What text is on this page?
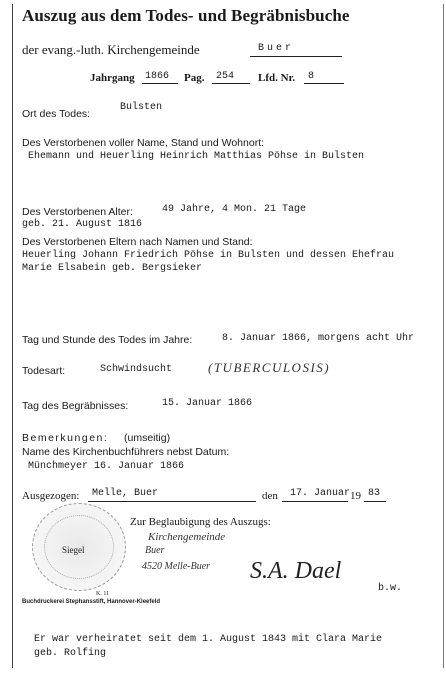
Auszug aus dem Todes- und Begräbnisbuche
der evang.-luth. Kirchengemeinde	Buer
Jahrgang 1866 Pag. 254 Lfd. Nr. 8
Ort des Todes:
Bulsten
Des Verstorbenen voller Name, Stand und Wohnort:
Ehemann und Heuerling Heinrich Matthias Pöhse in Bulsten
Des Verstorbenen Alter:	49 Jahre, 4 Mon. 21 Tage
geb. 21. August 1816
Des Verstorbenen Eltern nach Namen und Stand:
Heuerling Johann Friedrich Pöhse in Bulsten und dessen Ehefrau
Marie Elsabein geb. Bergsieker
Tag und Stunde des Todes im Jahre:	8. Januar 1866, morgens acht Uhr
Todesart:	Schwindsucht	(TUBERCULOSIS)
Tag des Begräbnisses:	15. Januar 1866
Bemerkungen: (umseitig)
Name des Kirchenbuchführers nebst Datum:
Münchmeyer 16. Januar 1866
Ausgezogen: Melle, Buer	den 17. Januar 19 83
Siegel
Zur Beglaubigung des Auszugs:
Kirchengemeinde
Buer
4520 Melle-Buer S.A. Dael
K. 11
Buchdruckerei Stephansstift, Hannover-Kleefeld
b.w.
Er war verheiratet seit dem 1. August 1843 mit Clara Marie
geb. Rolfing
